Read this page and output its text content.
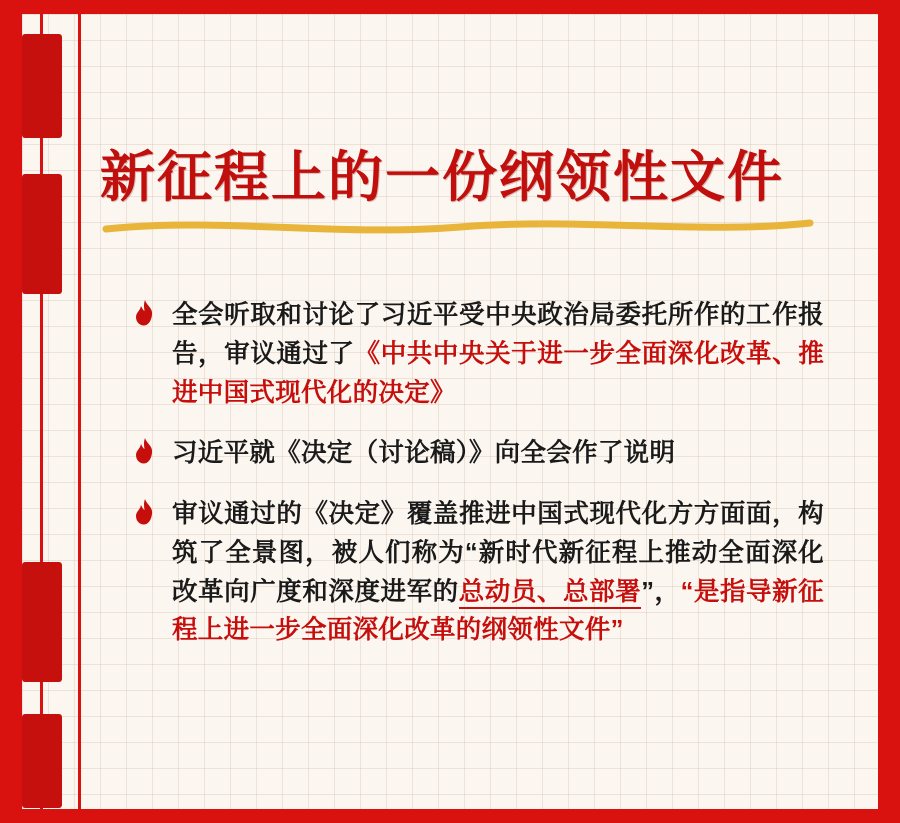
新征程上的一份纲领性文件
全会听取和讨论了习近平受中央政治局委托所作的工作报告，审议通过了《中共中央关于进一步全面深化改革、推进中国式现代化的决定》
习近平就《决定（讨论稿）》向全会作了说明
审议通过的《决定》覆盖推进中国式现代化方方面面，构筑了全景图，被人们称为“新时代新征程上推动全面深化改革向广度和深度进军的总动员、总部署”，“是指导新征程上进一步全面深化改革的纲领性文件”
